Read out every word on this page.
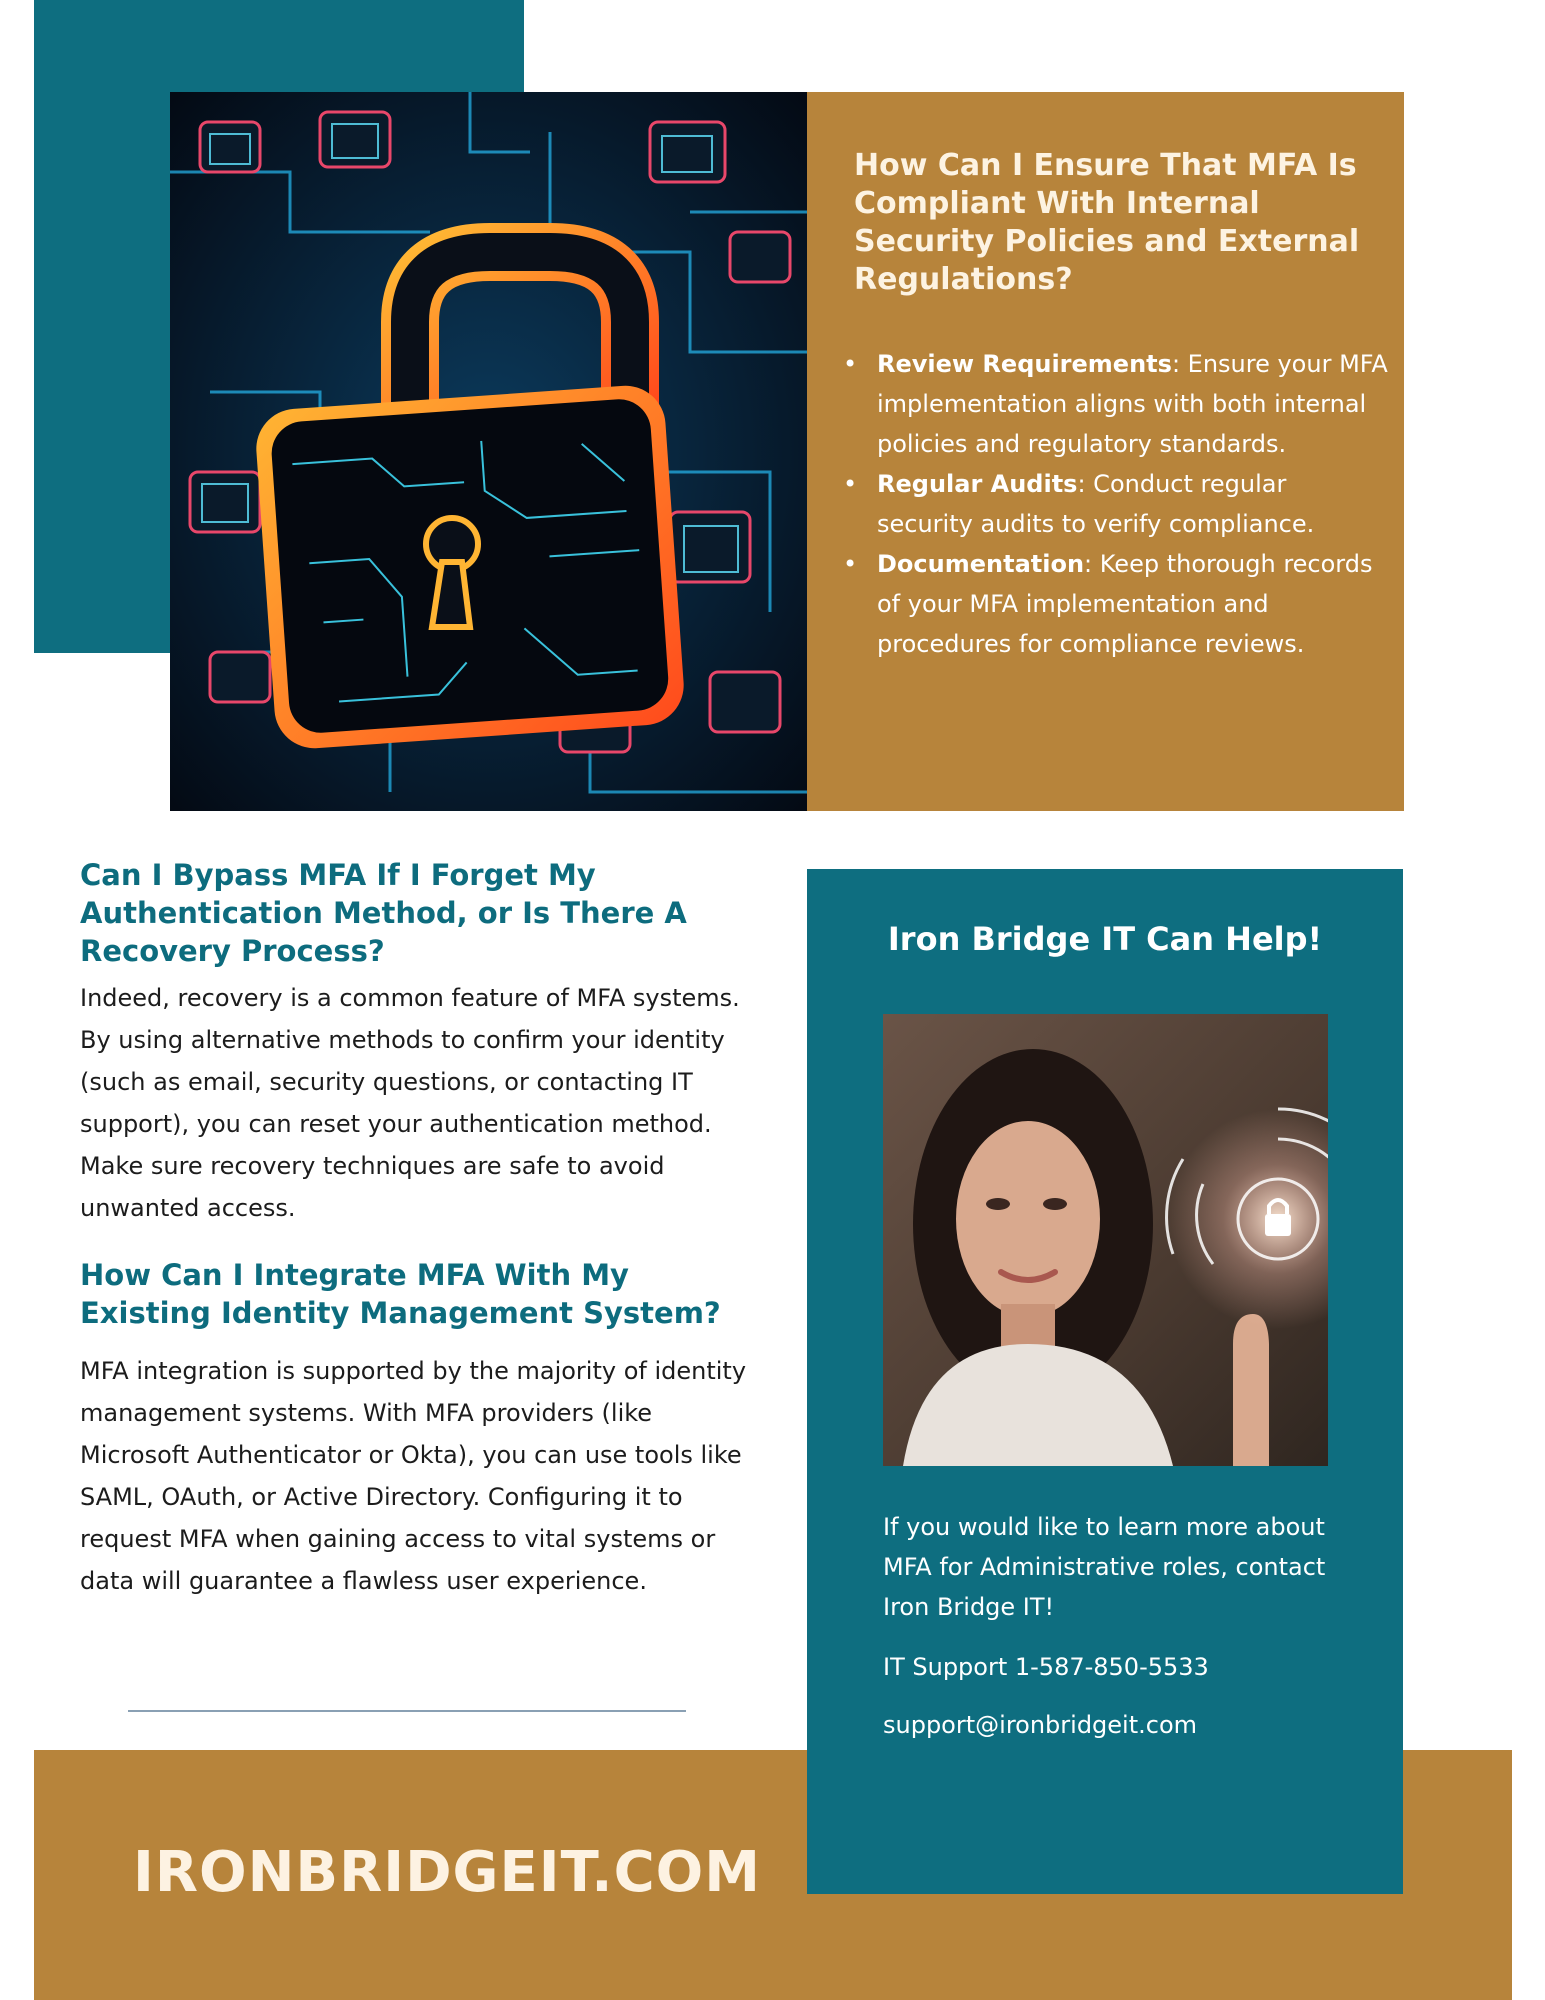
How Can I Ensure That MFA Is Compliant With Internal Security Policies and External Regulations?
• Review Requirements: Ensure your MFA implementation aligns with both internal policies and regulatory standards.
• Regular Audits: Conduct regular security audits to verify compliance.
• Documentation: Keep thorough records of your MFA implementation and procedures for compliance reviews.
Can I Bypass MFA If I Forget My Authentication Method, or Is There A Recovery Process?

Indeed, recovery is a common feature of MFA systems. By using alternative methods to confirm your identity (such as email, security questions, or contacting IT support), you can reset your authentication method. Make sure recovery techniques are safe to avoid unwanted access.

How Can I Integrate MFA With My Existing Identity Management System?

MFA integration is supported by the majority of identity management systems. With MFA providers (like Microsoft Authenticator or Okta), you can use tools like SAML, OAuth, or Active Directory. Configuring it to request MFA when gaining access to vital systems or data will guarantee a flawless user experience.

IRONBRIDGEIT.COM

Iron Bridge IT Can Help!

If you would like to learn more about MFA for Administrative roles, contact Iron Bridge IT!

IT Support 1-587-850-5533

support@ironbridgeit.com
